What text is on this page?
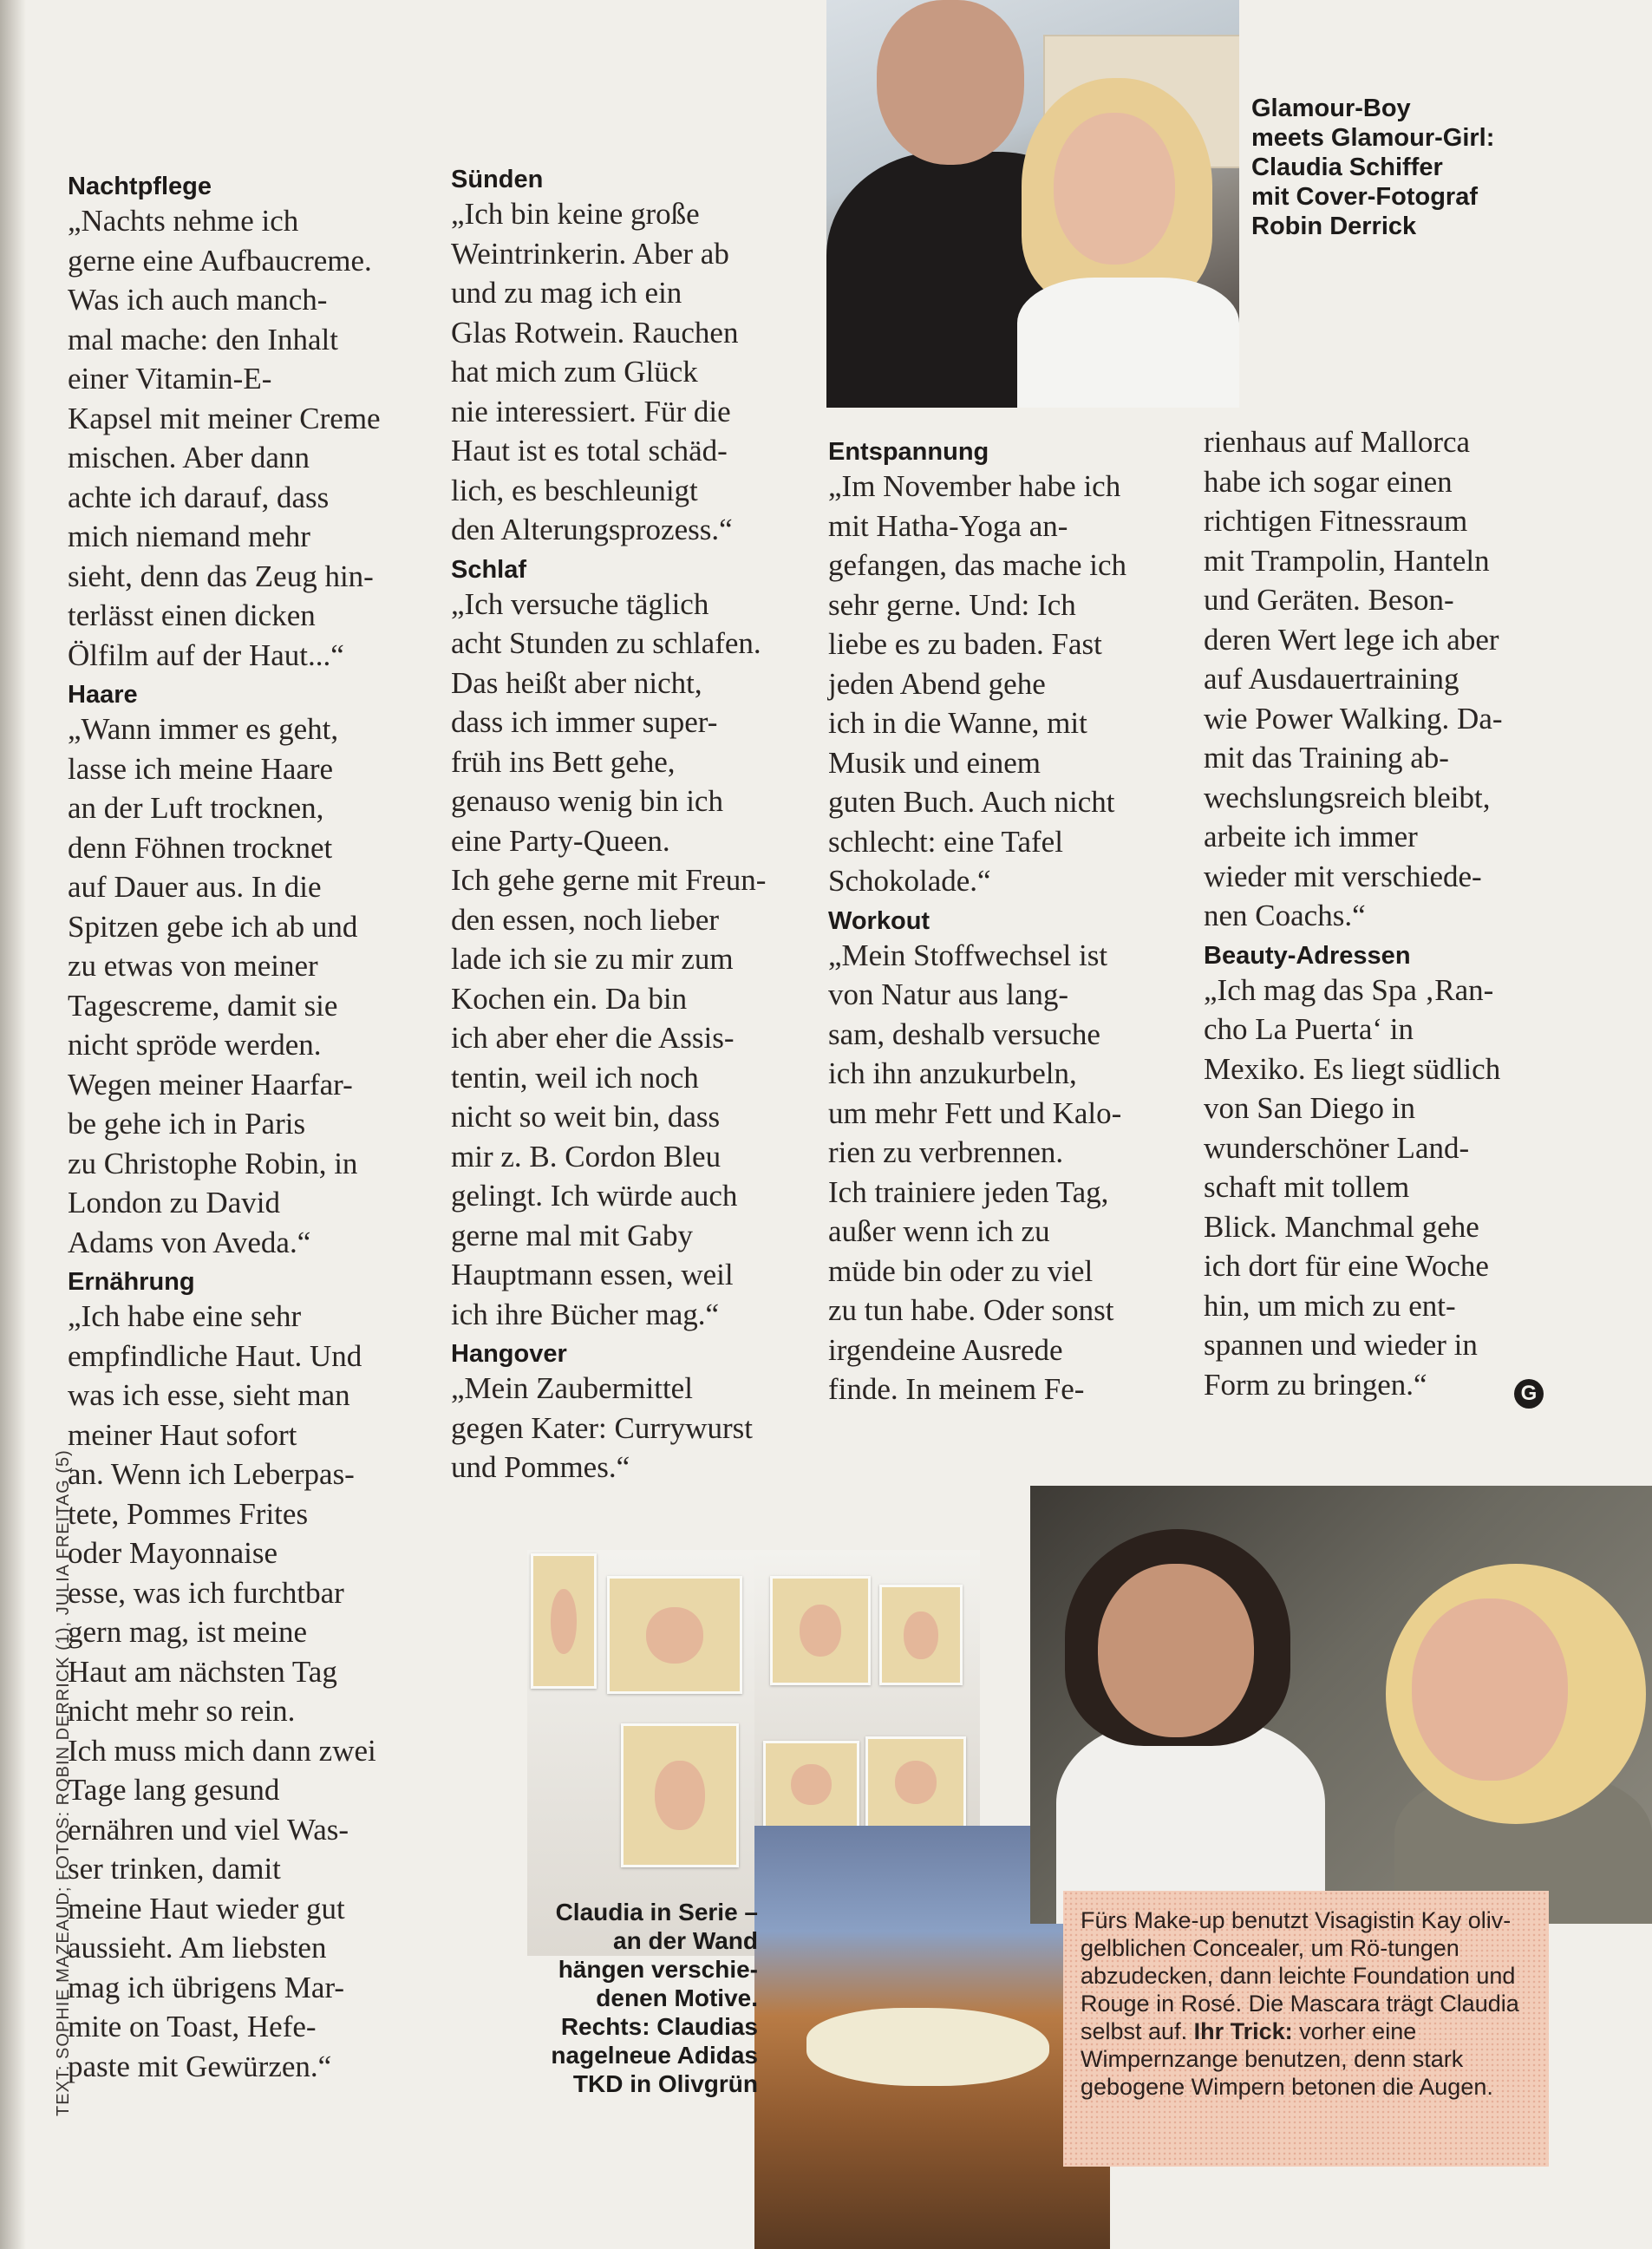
Nachtpflege

„Nachts nehme ich
gerne eine Aufbaucreme.
Was ich auch manch-
mal mache: den Inhalt
einer Vitamin-E-
Kapsel mit meiner Creme
mischen. Aber dann
achte ich darauf, dass
mich niemand mehr
sieht, denn das Zeug hin-
terlässt einen dicken
Ölfilm auf der Haut...“

Haare

„Wann immer es geht,
lasse ich meine Haare
an der Luft trocknen,
denn Föhnen trocknet
auf Dauer aus. In die
Spitzen gebe ich ab und
zu etwas von meiner
Tagescreme, damit sie
nicht spröde werden.
Wegen meiner Haarfar-
be gehe ich in Paris
zu Christophe Robin, in
London zu David
Adams von Aveda.“

Ernährung

„Ich habe eine sehr
empfindliche Haut. Und
was ich esse, sieht man
meiner Haut sofort
an. Wenn ich Leberpas-
tete, Pommes Frites
oder Mayonnaise
esse, was ich furchtbar
gern mag, ist meine
Haut am nächsten Tag
nicht mehr so rein.
Ich muss mich dann zwei
Tage lang gesund
ernähren und viel Was-
ser trinken, damit
meine Haut wieder gut
aussieht. Am liebsten
mag ich übrigens Mar-
mite on Toast, Hefe-
paste mit Gewürzen.“

Sünden

„Ich bin keine große
Weintrinkerin. Aber ab
und zu mag ich ein
Glas Rotwein. Rauchen
hat mich zum Glück
nie interessiert. Für die
Haut ist es total schäd-
lich, es beschleunigt
den Alterungsprozess.“

Schlaf

„Ich versuche täglich
acht Stunden zu schlafen.
Das heißt aber nicht,
dass ich immer super-
früh ins Bett gehe,
genauso wenig bin ich
eine Party-Queen.
Ich gehe gerne mit Freun-
den essen, noch lieber
lade ich sie zu mir zum
Kochen ein. Da bin
ich aber eher die Assis-
tentin, weil ich noch
nicht so weit bin, dass
mir z. B. Cordon Bleu
gelingt. Ich würde auch
gerne mal mit Gaby
Hauptmann essen, weil
ich ihre Bücher mag.“

Hangover

„Mein Zaubermittel
gegen Kater: Currywurst
und Pommes.“

Entspannung

„Im November habe ich
mit Hatha-Yoga an-
gefangen, das mache ich
sehr gerne. Und: Ich
liebe es zu baden. Fast
jeden Abend gehe
ich in die Wanne, mit
Musik und einem
guten Buch. Auch nicht
schlecht: eine Tafel
Schokolade.“

Workout

„Mein Stoffwechsel ist
von Natur aus lang-
sam, deshalb versuche
ich ihn anzukurbeln,
um mehr Fett und Kalo-
rien zu verbrennen.
Ich trainiere jeden Tag,
außer wenn ich zu
müde bin oder zu viel
zu tun habe. Oder sonst
irgendeine Ausrede
finde. In meinem Fe-

rienhaus auf Mallorca
habe ich sogar einen
richtigen Fitnessraum
mit Trampolin, Hanteln
und Geräten. Beson-
deren Wert lege ich aber
auf Ausdauertraining
wie Power Walking. Da-
mit das Training ab-
wechslungsreich bleibt,
arbeite ich immer
wieder mit verschiede-
nen Coachs.“

Beauty-Adressen

„Ich mag das Spa ‚Ran-
cho La Puerta‘ in
Mexiko. Es liegt südlich
von San Diego in
wunderschöner Land-
schaft mit tollem
Blick. Manchmal gehe
ich dort für eine Woche
hin, um mich zu ent-
spannen und wieder in
Form zu bringen.“	G
Glamour-Boy
meets Glamour-Girl:
Claudia Schiffer
mit Cover-Fotograf
Robin Derrick
Claudia in Serie –
an der Wand
hängen verschie-
denen Motive.
Rechts: Claudias
nagelneue Adidas
TKD in Olivgrün
Fürs Make-up benutzt Visagistin Kay oliv-gelblichen Concealer, um Rö-tungen abzudecken, dann leichte Foundation und Rouge in Rosé. Die Mascara trägt Claudia selbst auf. Ihr Trick: vorher eine Wimpernzange benutzen, denn stark gebogene Wimpern betonen die Augen.
TEXT: SOPHIE MAZEAUD; FOTOS: ROBIN DERRICK (1), JULIA FREITAG (5)
